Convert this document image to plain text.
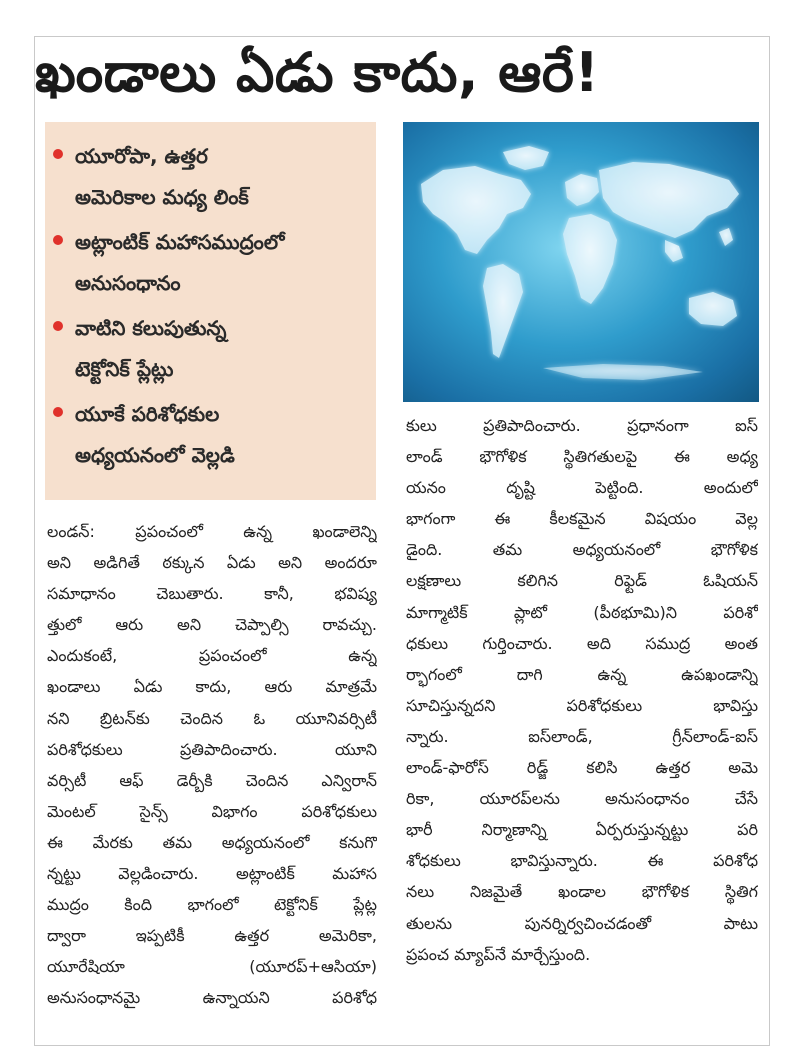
ఖండాలు ఏడు కాదు, ఆరే!
యూరోపా, ఉత్తర
అమెరికాల మధ్య లింక్
అట్లాంటిక్ మహాసముద్రంలో
అనుసంధానం
వాటిని కలుపుతున్న
టెక్టోనిక్ ప్లేట్లు
యూకే పరిశోధకుల
అధ్యయనంలో వెల్లడి
లండన్: ప్రపంచంలో ఉన్న ఖండాలెన్ని
అని అడిగితే ఠక్కున ఏడు అని అందరూ
సమాధానం చెబుతారు. కానీ, భవిష్య
త్తులో ఆరు అని చెప్పాల్సి రావచ్చు.
ఎందుకంటే, ప్రపంచంలో ఉన్న
ఖండాలు ఏడు కాదు, ఆరు మాత్రమే
నని బ్రిటన్‌కు చెందిన ఓ యూనివర్సిటీ
పరిశోధకులు ప్రతిపాదించారు. యూని
వర్సిటీ ఆఫ్ డెర్బీకి చెందిన ఎన్విరాన్
మెంటల్ సైన్స్ విభాగం పరిశోధకులు
ఈ మేరకు తమ అధ్యయనంలో కనుగొ
న్నట్టు వెల్లడించారు. అట్లాంటిక్ మహాస
ముద్రం కింది భాగంలో టెక్టోనిక్ ప్లేట్ల
ద్వారా ఇప్పటికీ ఉత్తర అమెరికా,
యూరేషియా (యూరప్+ఆసియా)
అనుసంధానమై ఉన్నాయని పరిశోధ
కులు ప్రతిపాదించారు. ప్రధానంగా ఐస్
లాండ్ భౌగోళిక స్థితిగతులపై ఈ అధ్య
యనం దృష్టి పెట్టింది. అందులో
భాగంగా ఈ కీలకమైన విషయం వెల్ల
డైంది. తమ అధ్యయనంలో భౌగోళిక
లక్షణాలు కలిగిన రిఫ్టెడ్ ఓషియన్
మాగ్మాటిక్ ప్లాటో (పీఠభూమి)ని పరిశో
ధకులు గుర్తించారు. అది సముద్ర అంత
ర్భాగంలో దాగి ఉన్న ఉపఖండాన్ని
సూచిస్తున్నదని పరిశోధకులు భావిస్తు
న్నారు. ఐస్‌లాండ్, గ్రీన్‌లాండ్-ఐస్
లాండ్-ఫారోస్ రిడ్జ్ కలిసి ఉత్తర అమె
రికా, యూరప్‌లను అనుసంధానం చేసే
భారీ నిర్మాణాన్ని ఏర్పరుస్తున్నట్టు పరి
శోధకులు భావిస్తున్నారు. ఈ పరిశోధ
నలు నిజమైతే ఖండాల భౌగోళిక స్థితిగ
తులను పునర్నిర్వచించడంతో పాటు
ప్రపంచ మ్యాప్‌నే మార్చేస్తుంది.
